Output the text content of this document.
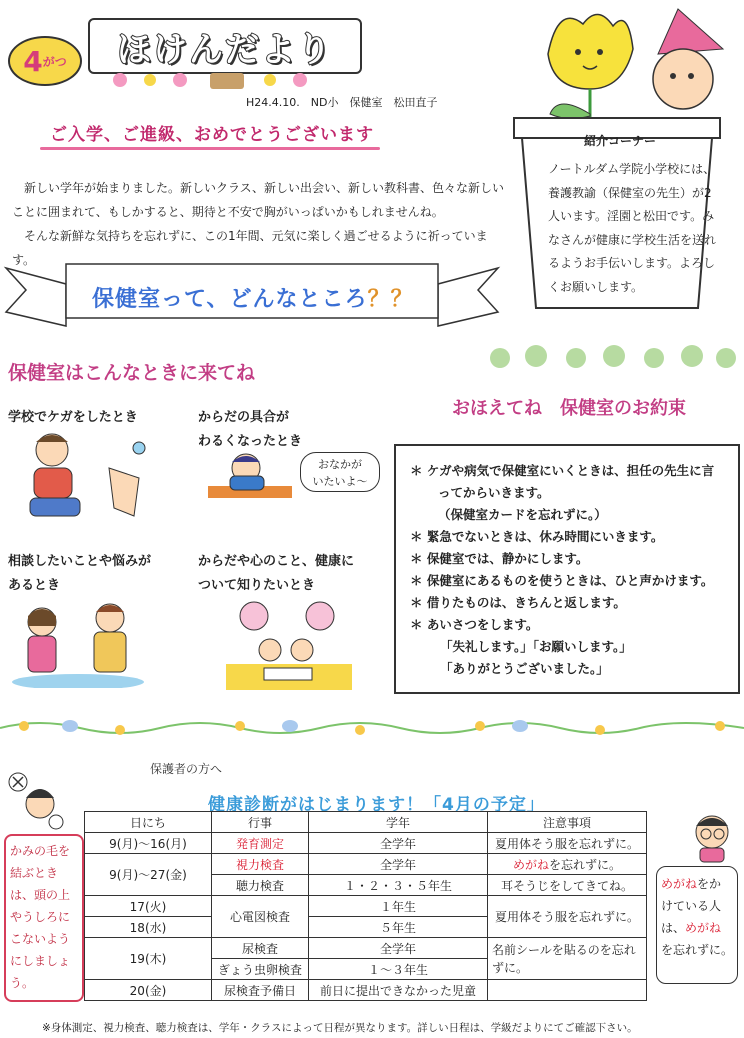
4 がつ ほけんだより
H24.4.10.　ND小　保健室　松田直子
ご入学、ご進級、おめでとうございます

新しい学年が始まりました。新しいクラス、新しい出会い、新しい教科書、色々な新しいことに囲まれて、もしかすると、期待と不安で胸がいっぱいかもしれませんね。

そんな新鮮な気持ちを忘れずに、この1年間、元気に楽しく過ごせるように祈っています。

紹介コーナー
ノートルダム学院小学校には、養護教諭（保健室の先生）が2人います。淫園と松田です。みなさんが健康に学校生活を送れるようお手伝いします。よろしくお願いします。
保健室って、どんなところ？？
保健室はこんなときに来てね
学校でケガをしたとき	からだの具合が
わるくなったとき
おなかが
いたいよ～
相談したいことや悩みが
あるとき
からだや心のこと、健康に
ついて知りたいとき
おほえてね　保健室のお約束
＊ ケガや病気で保健室にいくときは、担任の先生に言
ってからいきます。
（保健室カードを忘れずに。）
＊ 緊急でないときは、休み時間にいきます。
＊ 保健室では、静かにします。
＊ 保健室にあるものを使うときは、ひと声かけます。
＊ 借りたものは、きちんと返します。
＊ あいさつをします。
「失礼します。」「お願いします。」
「ありがとうございました。」
保護者の方へ
健康診断がはじまります！「4月の予定」
かみの毛を結ぶときは、頭の上やうしろにこないようにしましょう。
日にち	行事	学年	注意事項
9(月)～16(月)	発育測定	全学年	夏用体そう服を忘れずに。
9(月)～27(金)	視力検査	全学年	めがねを忘れずに。
	聴力検査	１・２・３・５年生	耳そうじをしてきてね。
17(火)	心電図検査	１年生	夏用体そう服を忘れずに。
18(水)		５年生	
19(木)	尿検査	全学年	名前シールを貼るのを忘れずに。
	ぎょう虫卵検査	１～３年生	
20(金)	尿検査予備日	前日に提出できなかった児童	
めがねをかけている人は、めがねを忘れずに。
※身体測定、視力検査、聴力検査は、学年・クラスによって日程が異なります。詳しい日程は、学級だよりにてご確認下さい。
